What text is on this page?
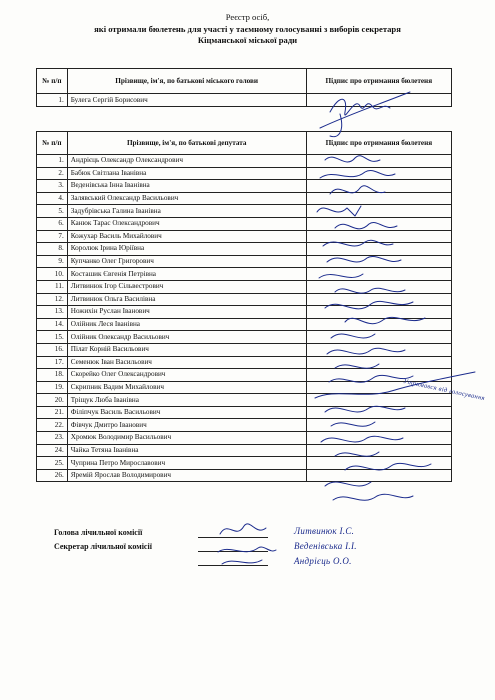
Реєстр осіб,
які отримали бюлетень для участі у таємному голосуванні з виборів секретаря
Кіцманської міської ради
№ п/п	Прізвище, ім'я, по батькові міського голови	Підпис про отримання бюлетеня
1.	Булега Сергій Борисович	
№ п/п	Прізвище, ім'я, по батькові депутата	Підпис про отримання бюлетеня
1.	Андрієць Олександр Олександрович	
2.	Бабюк Світлана Іванівна	
3.	Веденівська Інна Іванівна	
4.	Залявський Олександр Васильович	
5.	Задубрівська Галина Іванівна	
6.	Канюк Тарас Олександрович	
7.	Кожухар Василь Михайлович	
8.	Королюк Ірина Юріївна	
9.	Купчанко Олег Григорович	
10.	Косташик Євгенія Петрівна	
11.	Литвинюк Ігор Сільвестрович	
12.	Литвинюк Ольга Василівна	
13.	Ножихін Руслан Іванович	
14.	Олійник Леся Іванівна	
15.	Олійник Олександр Васильович	
16.	Пілат Корній Васильович	
17.	Семенюк Іван Васильович	
18.	Скорейко Олег Олександрович	
19.	Скрипник Вадим Михайлович	
20.	Тріщук Люба Іванівна	
21.	Філіпчук Василь Васильович	
22.	Фівчук Дмитро Іванович	
23.	Хромюк Володимир Васильович	
24.	Чайка Тетяна Іванівна	
25.	Чуприна Петро Мирославович	
26.	Яремій Ярослав Володимирович	
Утримався від голосування
Голова лічильної комісії
Секретар лічильної комісії
Литвинюк І.С.
Веденівська І.І.
Андрієць О.О.
